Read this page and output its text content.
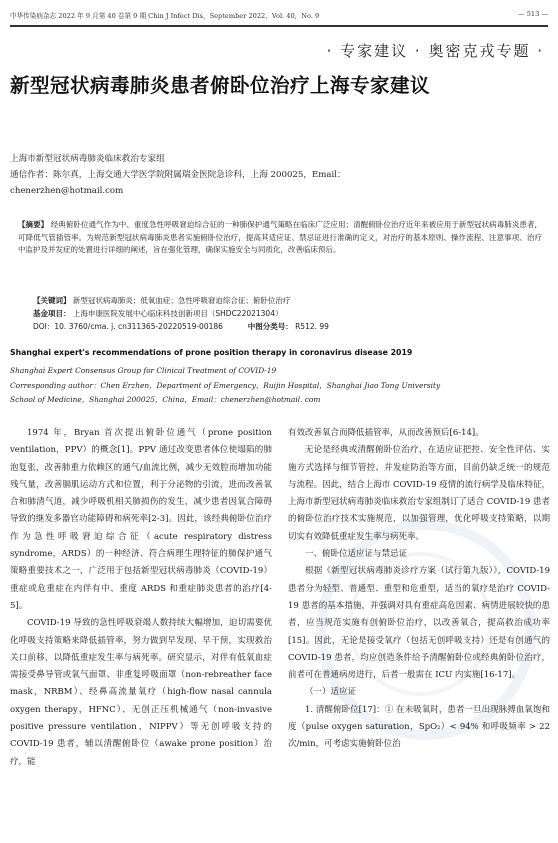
中华传染病杂志 2022 年 9 月第 40 卷第 9 期 Chin J Infect Dis，September 2022，Vol. 40，No. 9	— 513 —
· 专家建议 · 奥密克戎专题 ·
新型冠状病毒肺炎患者俯卧位治疗上海专家建议
上海市新型冠状病毒肺炎临床救治专家组
通信作者：陈尔真，上海交通大学医学院附属瑞金医院急诊科，上海 200025，Email：
chenerzhen@hotmail.com
【摘要】 经典俯卧位通气作为中、重度急性呼吸窘迫综合征的一种肺保护通气策略在临床广泛应用；清醒俯卧位治疗近年来被应用于新型冠状病毒肺炎患者，可降低气管插管率。为规范新型冠状病毒肺炎患者实施俯卧位治疗，提高其适应证、禁忌证进行准确的定义，对治疗的基本原则、操作流程、注意事项、治疗中监护及并发症的处置进行详细的阐述，旨在强化管理，确保实施安全与同质化，改善临床预后。
【关键词】 新型冠状病毒肺炎；低氧血症；急性呼吸窘迫综合征；俯卧位治疗
基金项目： 上海申康医院发展中心临床科技创新项目（SHDC22021304）
DOI：10. 3760/cma. j. cn311365-20220519-00186	中图分类号： R512. 99
Shanghai expert's recommendations of prone position therapy in coronavirus disease 2019
Shanghai Expert Consensus Group for Clinical Treatment of COVID-19
Corresponding author：Chen Erzhen，Department of Emergency，Ruijin Hospital，Shanghai Jiao Tong University
School of Medicine，Shanghai 200025，China，Email：chenerzhen@hotmail. com

1974 年，Bryan 首次提出俯卧位通气（prone position ventilation，PPV）的概念[1]。PPV 通过改变患者体位使塌陷的肺泡复张，改善肺重力依赖区的通气/血流比例，减少无效腔而增加功能残气量，改善膈肌运动方式和位置，利于分泌物的引流，进而改善氧合和肺清气道，减少呼吸机相关肺损伤的发生，减少患者因氧合障碍导致的继发多器官功能障碍和病死率[2-3]。因此，该经典俯卧位治疗作为急性呼吸窘迫综合征（acute respiratory distress syndrome，ARDS）的一种经济、符合病理生理特征的肺保护通气策略重要技术之一，广泛用于包括新型冠状病毒肺炎（COVID-19）重症或危重症在内伴有中、重度 ARDS 和重症肺炎患者的治疗[4-5]。

COVID-19 导致的急性呼吸衰竭人数持续大幅增加，迫切需要优化呼吸支持策略来降低插管率，努力做到早发现、早干预，实现救治关口前移，以降低重症发生率与病死率。研究显示，对伴有低氧血症需接受鼻导管或氧气面罩、非重复呼吸面罩（non-rebreather face mask，NRBM）、经鼻高流量氧疗（high-flow nasal cannula oxygen therapy，HFNC）、无创正压机械通气（non-invasive positive pressure ventilation，NIPPV）等无创呼吸支持的 COVID-19 患者，辅以清醒俯卧位（awake prone position）治疗，能

有效改善氧合而降低插管率，从而改善预后[6-14]。

无论是经典或清醒俯卧位治疗，在适应证把控、安全性评估、实施方式选择与细节管控、并发症防治等方面，目前仍缺乏统一的规范与流程。因此，结合上海市 COVID-19 疫情的流行病学及临床特征，上海市新型冠状病毒肺炎临床救治专家组制订了适合 COVID-19 患者的俯卧位治疗技术实施规范，以加强管理，优化呼吸支持策略，以期切实有效降低重症发生率与病死率。

一、俯卧位适应证与禁忌证

根据《新型冠状病毒肺炎诊疗方案（试行第九版）》，COVID-19 患者分为轻型、普通型、重型和危重型，适当的氧疗是治疗 COVID-19 患者的基本措施，并强调对具有重症高危因素、病情进展较快的患者，应当规范实施有创俯卧位治疗，以改善氧合，提高救治成功率[15]。因此，无论是接受氧疗（包括无创呼吸支持）还是有创通气的 COVID-19 患者，均应创造条件给予清醒俯卧位或经典俯卧位治疗，前者可在普通病房进行，后者一般需在 ICU 内实施[16-17]。

（一）适应证

1. 清醒俯卧位[17]：① 在未吸氧时，患者一旦出现脉搏血氧饱和度（pulse oxygen saturation，SpO₂）< 94% 和呼吸频率 > 22 次/min，可考虑实施俯卧位治
